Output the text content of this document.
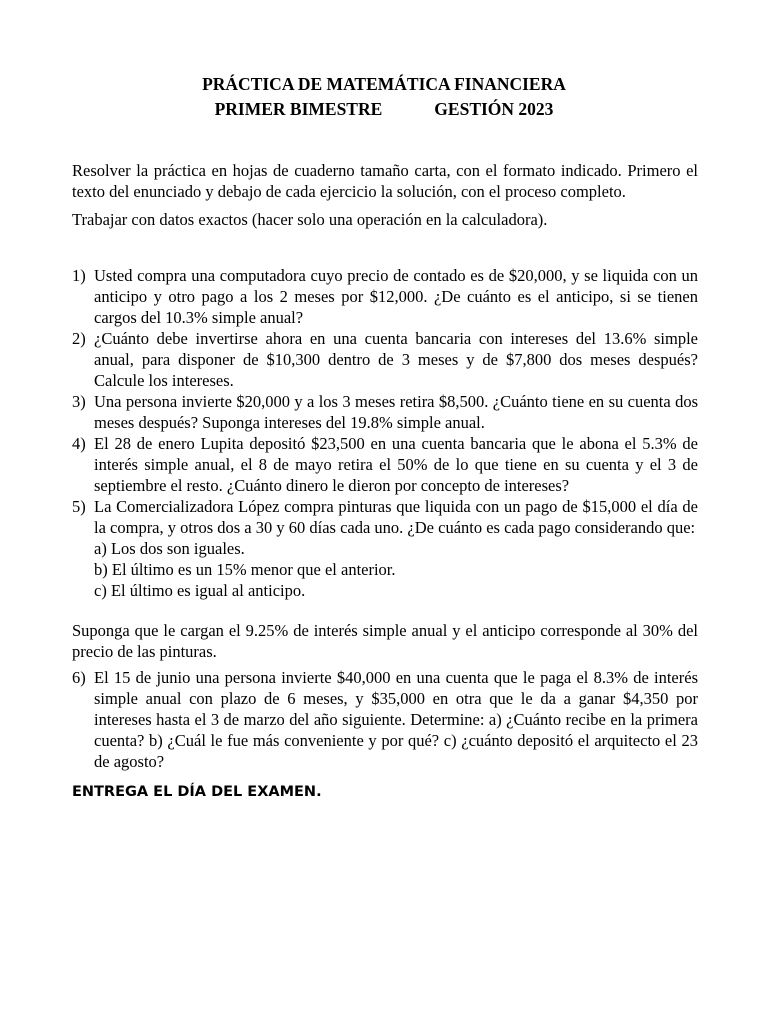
PRÁCTICA DE MATEMÁTICA FINANCIERA
PRIMER BIMESTRE	GESTIÓN 2023
Resolver la práctica en hojas de cuaderno tamaño carta, con el formato indicado. Primero el texto del enunciado y debajo de cada ejercicio la solución, con el proceso completo.
Trabajar con datos exactos (hacer solo una operación en la calculadora).
1) Usted compra una computadora cuyo precio de contado es de $20,000, y se liquida con un anticipo y otro pago a los 2 meses por $12,000. ¿De cuánto es el anticipo, si se tienen cargos del 10.3% simple anual?
2) ¿Cuánto debe invertirse ahora en una cuenta bancaria con intereses del 13.6% simple anual, para disponer de $10,300 dentro de 3 meses y de $7,800 dos meses después? Calcule los intereses.
3) Una persona invierte $20,000 y a los 3 meses retira $8,500. ¿Cuánto tiene en su cuenta dos meses después? Suponga intereses del 19.8% simple anual.
4) El 28 de enero Lupita depositó $23,500 en una cuenta bancaria que le abona el 5.3% de interés simple anual, el 8 de mayo retira el 50% de lo que tiene en su cuenta y el 3 de septiembre el resto. ¿Cuánto dinero le dieron por concepto de intereses?
5) La Comercializadora López compra pinturas que liquida con un pago de $15,000 el día de la compra, y otros dos a 30 y 60 días cada uno. ¿De cuánto es cada pago considerando que:
a) Los dos son iguales.
b) El último es un 15% menor que el anterior.
c) El último es igual al anticipo.
Suponga que le cargan el 9.25% de interés simple anual y el anticipo corresponde al 30% del precio de las pinturas.
6) El 15 de junio una persona invierte $40,000 en una cuenta que le paga el 8.3% de interés simple anual con plazo de 6 meses, y $35,000 en otra que le da a ganar $4,350 por intereses hasta el 3 de marzo del año siguiente. Determine: a) ¿Cuánto recibe en la primera cuenta? b) ¿Cuál le fue más conveniente y por qué? c) ¿cuánto depositó el arquitecto el 23 de agosto?
ENTREGA EL DÍA DEL EXAMEN.
